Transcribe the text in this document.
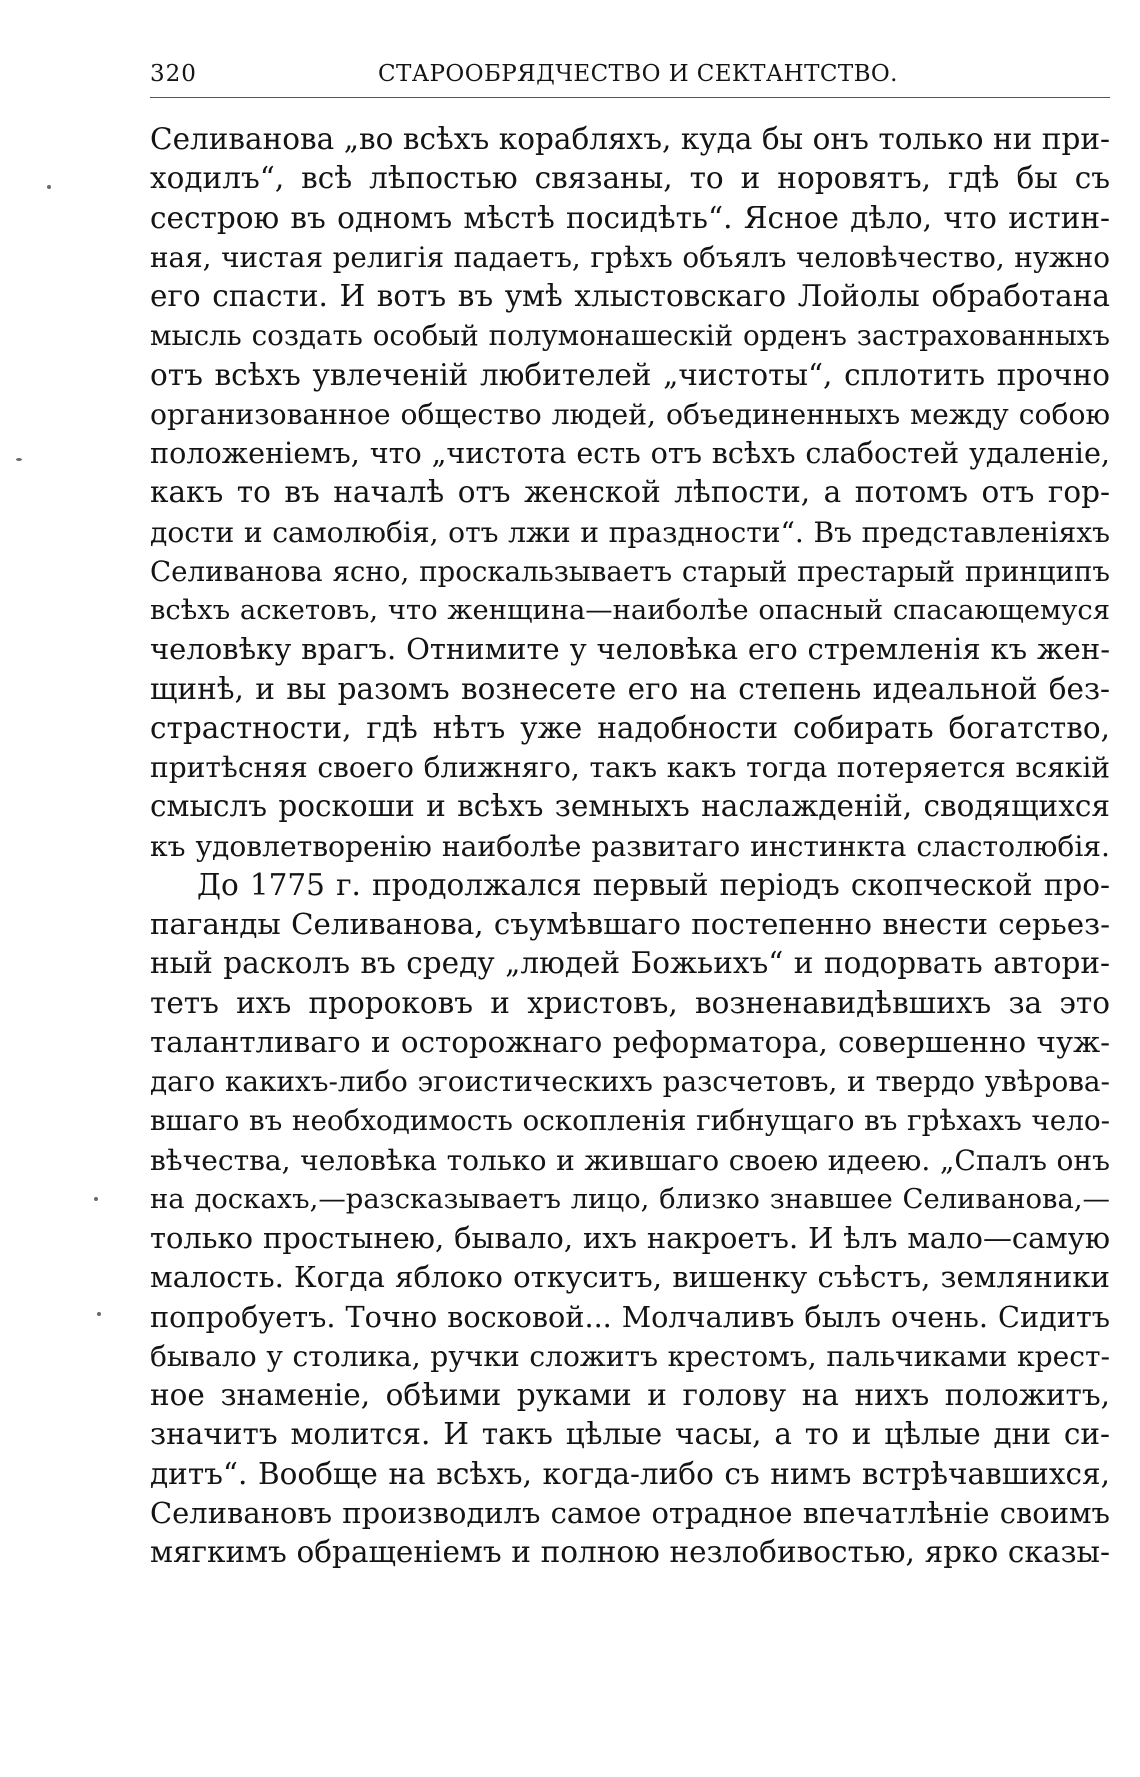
320	СТАРООБРЯДЧЕСТВО И СЕКТАНТСТВО.
Селиванова „во всѣхъ корабляхъ, куда бы онъ только ни при-
ходилъ“, всѣ лѣпостью связаны, то и норовятъ, гдѣ бы съ
сестрою въ одномъ мѣстѣ посидѣть“. Ясное дѣло, что истин-
ная, чистая религія падаетъ, грѣхъ объялъ человѣчество, нужно
его спасти. И вотъ въ умѣ хлыстовскаго Лойолы обработана
мысль создать особый полумонашескій орденъ застрахованныхъ
отъ всѣхъ увлеченій любителей „чистоты“, сплотить прочно
организованное общество людей, объединенныхъ между собою
положеніемъ, что „чистота есть отъ всѣхъ слабостей удаленіе,
какъ то въ началѣ отъ женской лѣпости, а потомъ отъ гор-
дости и самолюбія, отъ лжи и праздности“. Въ представленіяхъ
Селиванова ясно, проскальзываетъ старый престарый принципъ
всѣхъ аскетовъ, что женщина—наиболѣе опасный спасающемуся
человѣку врагъ. Отнимите у человѣка его стремленія къ жен-
щинѣ, и вы разомъ вознесете его на степень идеальной без-
страстности, гдѣ нѣтъ уже надобности собирать богатство,
притѣсняя своего ближняго, такъ какъ тогда потеряется всякій
смыслъ роскоши и всѣхъ земныхъ наслажденій, сводящихся
къ удовлетворенію наиболѣе развитаго инстинкта сластолюбія.
До 1775 г. продолжался первый періодъ скопческой про-
паганды Селиванова, съумѣвшаго постепенно внести серьез-
ный расколъ въ среду „людей Божьихъ“ и подорвать автори-
тетъ ихъ пророковъ и христовъ, возненавидѣвшихъ за это
талантливаго и осторожнаго реформатора, совершенно чуж-
даго какихъ-либо эгоистическихъ разсчетовъ, и твердо увѣрова-
вшаго въ необходимость оскопленія гибнущаго въ грѣхахъ чело-
вѣчества, человѣка только и жившаго своею идеею. „Спалъ онъ
на доскахъ,—разсказываетъ лицо, близко знавшее Селиванова,—
только простынею, бывало, ихъ накроетъ. И ѣлъ мало—самую
малость. Когда яблоко откуситъ, вишенку съѣстъ, земляники
попробуетъ. Точно восковой... Молчаливъ былъ очень. Сидитъ
бывало у столика, ручки сложитъ крестомъ, пальчиками крест-
ное знаменіе, обѣими руками и голову на нихъ положитъ,
значитъ молится. И такъ цѣлые часы, а то и цѣлые дни си-
дитъ“. Вообще на всѣхъ, когда-либо съ нимъ встрѣчавшихся,
Селивановъ производилъ самое отрадное впечатлѣніе своимъ
мягкимъ обращеніемъ и полною незлобивостью, ярко сказы-
